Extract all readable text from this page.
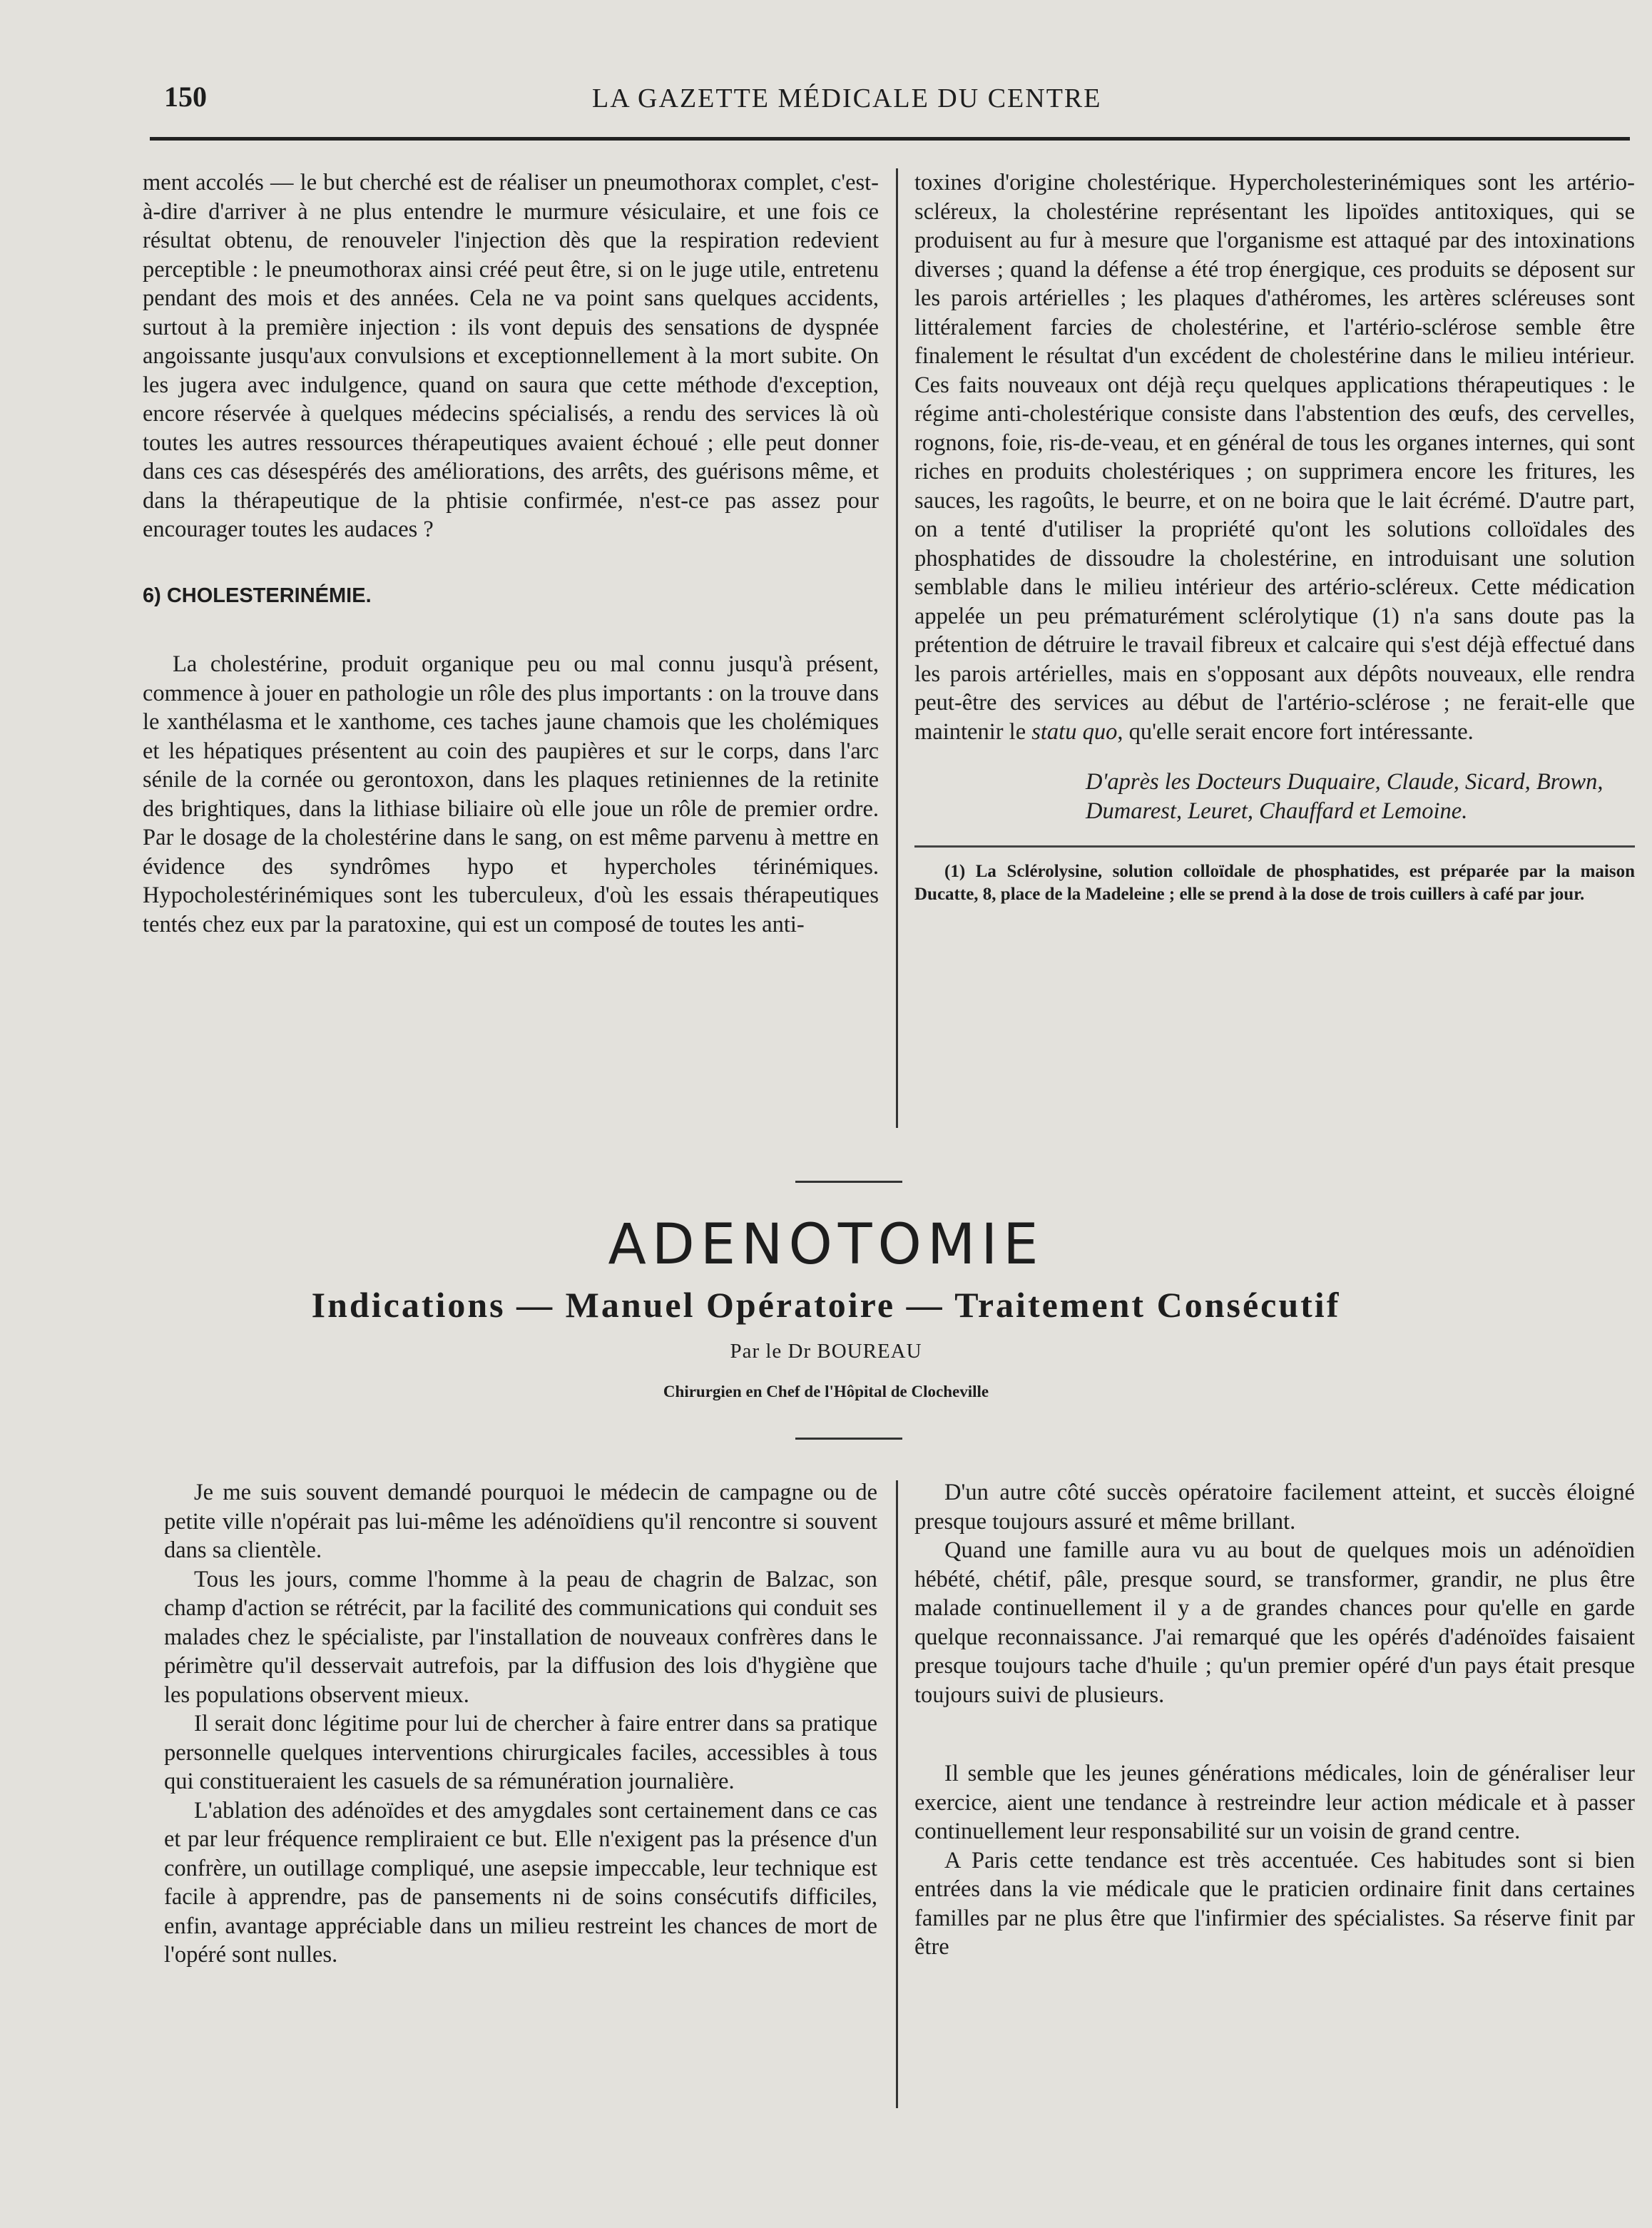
150	LA GAZETTE MÉDICALE DU CENTRE

ment accolés — le but cherché est de réaliser un pneumothorax complet, c'est-à-dire d'arriver à ne plus entendre le murmure vésiculaire, et une fois ce résultat obtenu, de renouveler l'injection dès que la respiration redevient perceptible : le pneumothorax ainsi créé peut être, si on le juge utile, entretenu pendant des mois et des années. Cela ne va point sans quelques accidents, surtout à la première injection : ils vont depuis des sensations de dyspnée angoissante jusqu'aux convulsions et exceptionnellement à la mort subite. On les jugera avec indulgence, quand on saura que cette méthode d'exception, encore réservée à quelques médecins spécialisés, a rendu des services là où toutes les autres ressources thérapeutiques avaient échoué ; elle peut donner dans ces cas désespérés des améliorations, des arrêts, des guérisons même, et dans la thérapeutique de la phtisie confirmée, n'est-ce pas assez pour encourager toutes les audaces ?

6) CHOLESTERINÉMIE.

La cholestérine, produit organique peu ou mal connu jusqu'à présent, commence à jouer en pathologie un rôle des plus importants : on la trouve dans le xanthélasma et le xanthome, ces taches jaune chamois que les cholémiques et les hépatiques présentent au coin des paupières et sur le corps, dans l'arc sénile de la cornée ou gerontoxon, dans les plaques retiniennes de la retinite des brightiques, dans la lithiase biliaire où elle joue un rôle de premier ordre. Par le dosage de la cholestérine dans le sang, on est même parvenu à mettre en évidence des syndrômes hypo et hypercholes térinémiques. Hypocholestérinémiques sont les tuberculeux, d'où les essais thérapeutiques tentés chez eux par la paratoxine, qui est un composé de toutes les anti-

toxines d'origine cholestérique. Hypercholesterinémiques sont les artério-scléreux, la cholestérine représentant les lipoïdes antitoxiques, qui se produisent au fur à mesure que l'organisme est attaqué par des intoxinations diverses ; quand la défense a été trop énergique, ces produits se déposent sur les parois artérielles ; les plaques d'athéromes, les artères scléreuses sont littéralement farcies de cholestérine, et l'artério-sclérose semble être finalement le résultat d'un excédent de cholestérine dans le milieu intérieur. Ces faits nouveaux ont déjà reçu quelques applications thérapeutiques : le régime anti-cholestérique consiste dans l'abstention des œufs, des cervelles, rognons, foie, ris-de-veau, et en général de tous les organes internes, qui sont riches en produits cholestériques ; on supprimera encore les fritures, les sauces, les ragoûts, le beurre, et on ne boira que le lait écrémé. D'autre part, on a tenté d'utiliser la propriété qu'ont les solutions colloïdales des phosphatides de dissoudre la cholestérine, en introduisant une solution semblable dans le milieu intérieur des artério-scléreux. Cette médication appelée un peu prématurément sclérolytique (1) n'a sans doute pas la prétention de détruire le travail fibreux et calcaire qui s'est déjà effectué dans les parois artérielles, mais en s'opposant aux dépôts nouveaux, elle rendra peut-être des services au début de l'artério-sclérose ; ne ferait-elle que maintenir le statu quo, qu'elle serait encore fort intéressante.

D'après les Docteurs Duquaire, Claude, Sicard, Brown, Dumarest, Leuret, Chauffard et Lemoine.

(1) La Sclérolysine, solution colloïdale de phosphatides, est préparée par la maison Ducatte, 8, place de la Madeleine ; elle se prend à la dose de trois cuillers à café par jour.

ADENOTOMIE
Indications — Manuel Opératoire — Traitement Consécutif
Par le Dr BOUREAU
Chirurgien en Chef de l'Hôpital de Clocheville

Je me suis souvent demandé pourquoi le médecin de campagne ou de petite ville n'opérait pas lui-même les adénoïdiens qu'il rencontre si souvent dans sa clientèle.

Tous les jours, comme l'homme à la peau de chagrin de Balzac, son champ d'action se rétrécit, par la facilité des communications qui conduit ses malades chez le spécialiste, par l'installation de nouveaux confrères dans le périmètre qu'il desservait autrefois, par la diffusion des lois d'hygiène que les populations observent mieux.

Il serait donc légitime pour lui de chercher à faire entrer dans sa pratique personnelle quelques interventions chirurgicales faciles, accessibles à tous qui constitueraient les casuels de sa rémunération journalière.

L'ablation des adénoïdes et des amygdales sont certainement dans ce cas et par leur fréquence rempliraient ce but. Elle n'exigent pas la présence d'un confrère, un outillage compliqué, une asepsie impeccable, leur technique est facile à apprendre, pas de pansements ni de soins consécutifs difficiles, enfin, avantage appréciable dans un milieu restreint les chances de mort de l'opéré sont nulles.

D'un autre côté succès opératoire facilement atteint, et succès éloigné presque toujours assuré et même brillant.

Quand une famille aura vu au bout de quelques mois un adénoïdien hébété, chétif, pâle, presque sourd, se transformer, grandir, ne plus être malade continuellement il y a de grandes chances pour qu'elle en garde quelque reconnaissance. J'ai remarqué que les opérés d'adénoïdes faisaient presque toujours tache d'huile ; qu'un premier opéré d'un pays était presque toujours suivi de plusieurs.

Il semble que les jeunes générations médicales, loin de généraliser leur exercice, aient une tendance à restreindre leur action médicale et à passer continuellement leur responsabilité sur un voisin de grand centre.

A Paris cette tendance est très accentuée. Ces habitudes sont si bien entrées dans la vie médicale que le praticien ordinaire finit dans certaines familles par ne plus être que l'infirmier des spécialistes. Sa réserve finit par être
